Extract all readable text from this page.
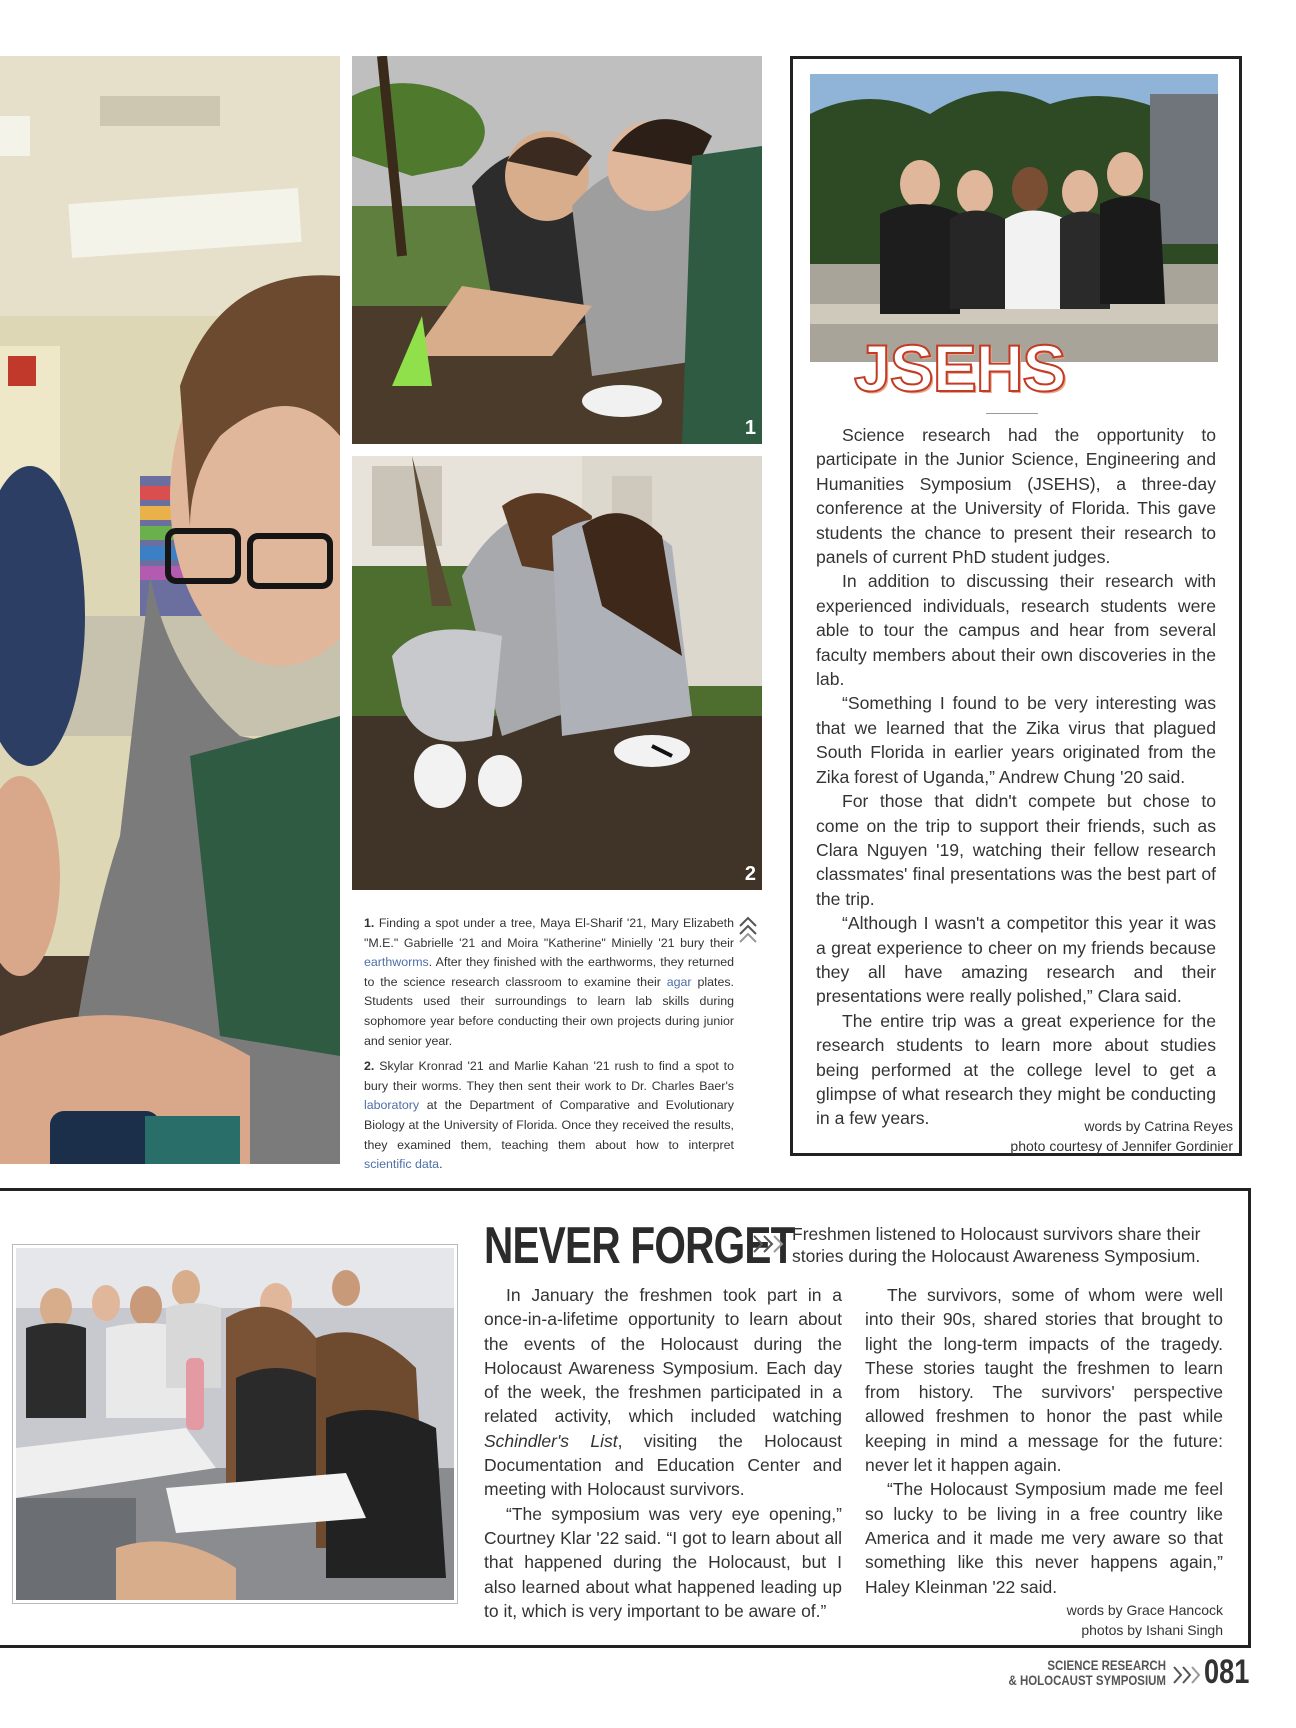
1
2

1. Finding a spot under a tree, Maya El-Sharif '21, Mary Elizabeth "M.E." Gabrielle '21 and Moira "Katherine" Minielly '21 bury their earthworms. After they finished with the earthworms, they returned to the science research classroom to examine their agar plates. Students used their surroundings to learn lab skills during sophomore year before conducting their own projects during junior and senior year.

2. Skylar Kronrad '21 and Marlie Kahan '21 rush to find a spot to bury their worms. They then sent their work to Dr. Charles Baer's laboratory at the Department of Comparative and Evolutionary Biology at the University of Florida. Once they received the results, they examined them, teaching them about how to interpret scientific data.

JSEHS

Science research had the opportunity to participate in the Junior Science, Engineering and Humanities Symposium (JSEHS), a three-day conference at the University of Florida. This gave students the chance to present their research to panels of current PhD student judges.

In addition to discussing their research with experienced individuals, research students were able to tour the campus and hear from several faculty members about their own discoveries in the lab.

“Something I found to be very interesting was that we learned that the Zika virus that plagued South Florida in earlier years originated from the Zika forest of Uganda,” Andrew Chung '20 said.

For those that didn't compete but chose to come on the trip to support their friends, such as Clara Nguyen '19, watching their fellow research classmates' final presentations was the best part of the trip.

“Although I wasn't a competitor this year it was a great experience to cheer on my friends because they all have amazing research and their presentations were really polished,” Clara said.

The entire trip was a great experience for the research students to learn more about studies being performed at the college level to get a glimpse of what research they might be conducting in a few years.	words by Catrina Reyes
photo courtesy of Jennifer Gordinier
NEVER FORGET
Freshmen listened to Holocaust survivors share their stories during the Holocaust Awareness Symposium.

In January the freshmen took part in a once-in-a-lifetime opportunity to learn about the events of the Holocaust during the Holocaust Awareness Symposium. Each day of the week, the freshmen participated in a related activity, which included watching Schindler's List, visiting the Holocaust Documentation and Education Center and meeting with Holocaust survivors.

“The symposium was very eye opening,” Courtney Klar '22 said. “I got to learn about all that happened during the Holocaust, but I also learned about what happened leading up to it, which is very important to be aware of.”

The survivors, some of whom were well into their 90s, shared stories that brought to light the long-term impacts of the tragedy. These stories taught the freshmen to learn from history. The survivors' perspective allowed freshmen to honor the past while keeping in mind a message for the future: never let it happen again.

“The Holocaust Symposium made me feel so lucky to be living in a free country like America and it made me very aware so that something like this never happens again,” Haley Kleinman '22 said.

words by Grace Hancock
photos by Ishani Singh
SCIENCE RESEARCH
& HOLOCAUST SYMPOSIUM 081
